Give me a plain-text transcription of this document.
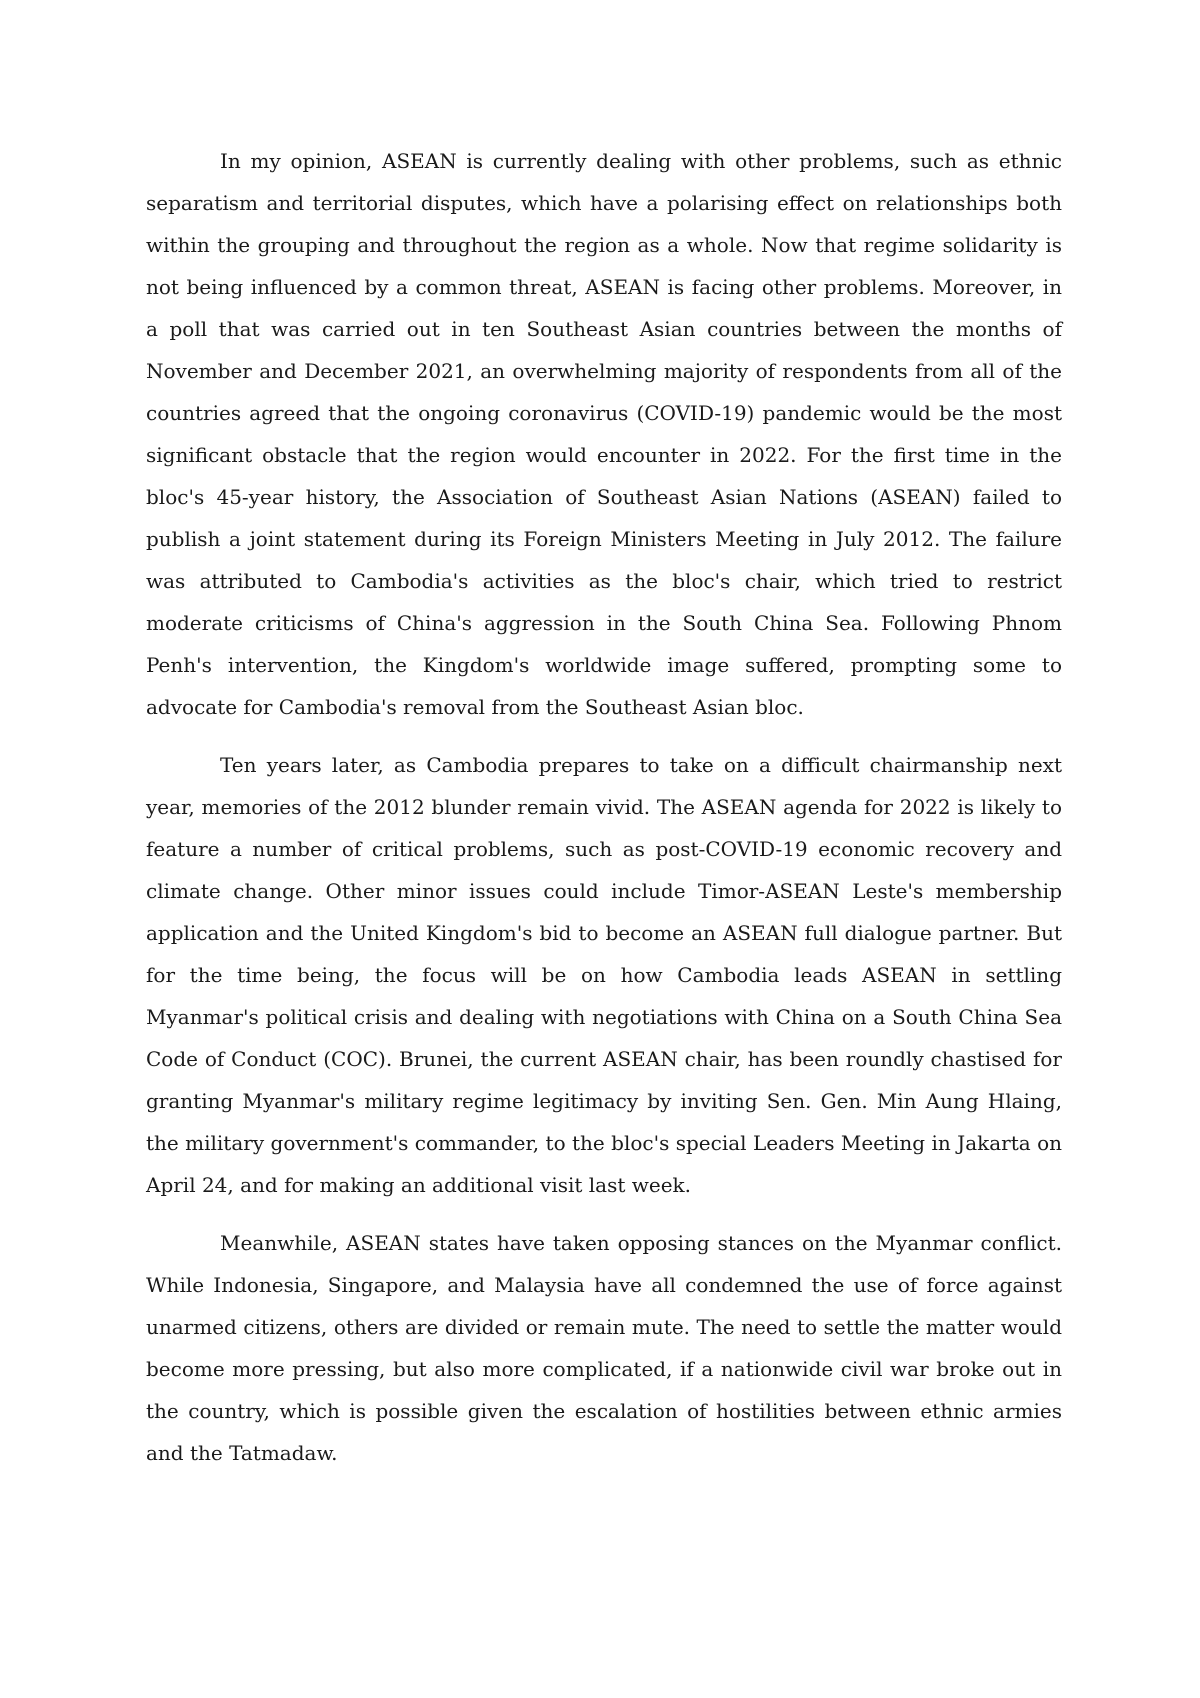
In my opinion, ASEAN is currently dealing with other problems, such as ethnic separatism and territorial disputes, which have a polarising effect on relationships both within the grouping and throughout the region as a whole. Now that regime solidarity is not being influenced by a common threat, ASEAN is facing other problems. Moreover, in a poll that was carried out in ten Southeast Asian countries between the months of November and December 2021, an overwhelming majority of respondents from all of the countries agreed that the ongoing coronavirus (COVID-19) pandemic would be the most significant obstacle that the region would encounter in 2022. For the first time in the bloc's 45-year history, the Association of Southeast Asian Nations (ASEAN) failed to publish a joint statement during its Foreign Ministers Meeting in July 2012. The failure was attributed to Cambodia's activities as the bloc's chair, which tried to restrict moderate criticisms of China's aggression in the South China Sea. Following Phnom Penh's intervention, the Kingdom's worldwide image suffered, prompting some to advocate for Cambodia's removal from the Southeast Asian bloc.

Ten years later, as Cambodia prepares to take on a difficult chairmanship next year, memories of the 2012 blunder remain vivid. The ASEAN agenda for 2022 is likely to feature a number of critical problems, such as post-COVID-19 economic recovery and climate change. Other minor issues could include Timor-ASEAN Leste's membership application and the United Kingdom's bid to become an ASEAN full dialogue partner. But for the time being, the focus will be on how Cambodia leads ASEAN in settling Myanmar's political crisis and dealing with negotiations with China on a South China Sea Code of Conduct (COC). Brunei, the current ASEAN chair, has been roundly chastised for granting Myanmar's military regime legitimacy by inviting Sen. Gen. Min Aung Hlaing, the military government's commander, to the bloc's special Leaders Meeting in Jakarta on April 24, and for making an additional visit last week.

Meanwhile, ASEAN states have taken opposing stances on the Myanmar conflict. While Indonesia, Singapore, and Malaysia have all condemned the use of force against unarmed citizens, others are divided or remain mute. The need to settle the matter would become more pressing, but also more complicated, if a nationwide civil war broke out in the country, which is possible given the escalation of hostilities between ethnic armies and the Tatmadaw.
